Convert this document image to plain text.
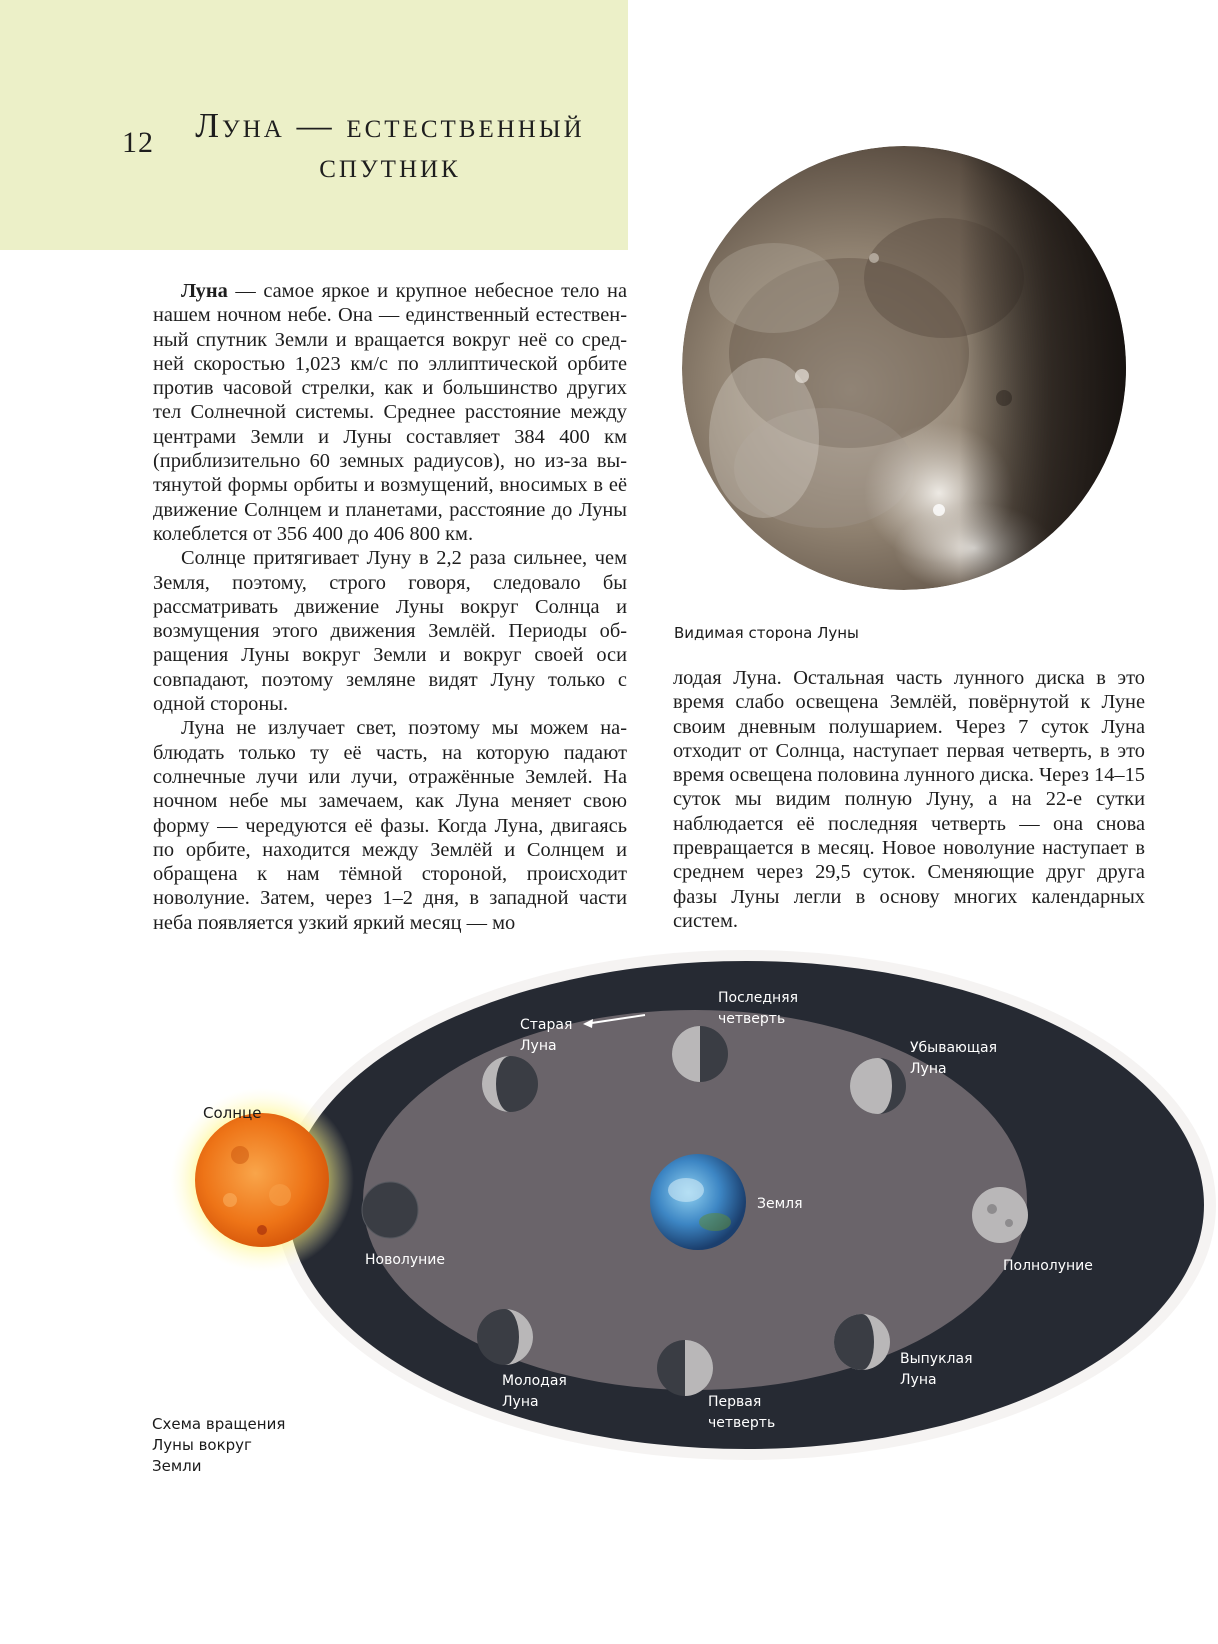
12	Луна — естественный
спутник

Луна — самое яркое и крупное небесное тело на нашем ночном небе. Она — единственный естественный спутник Земли и вращается вокруг неё со средней скоростью 1,023 км/с по эллиптической орбите против часовой стрелки, как и большинство других тел Солнечной системы. Среднее расстояние между центрами Земли и Луны составляет 384 400 км (приблизительно 60 земных радиусов), но из-за вытянутой формы орбиты и возмущений, вносимых в её движение Солнцем и планетами, расстояние до Луны колеблется от 356 400 до 406 800 км.

Солнце притягивает Луну в 2,2 раза сильнее, чем Земля, поэтому, строго говоря, следовало бы рассматривать движение Луны вокруг Солнца и возмущения этого движения Землёй. Периоды обращения Луны вокруг Земли и вокруг своей оси совпадают, поэтому земляне видят Луну только с одной стороны.

Луна не излучает свет, поэтому мы можем наблюдать только ту её часть, на которую падают солнечные лучи или лучи, отражённые Землей. На ночном небе мы замечаем, как Луна меняет свою форму — чередуются её фазы. Когда Луна, двигаясь по орбите, находится между Землёй и Солнцем и обращена к нам тёмной стороной, происходит новолуние. Затем, через 1–2 дня, в западной части неба появляется узкий яркий месяц — мо

Видимая сторона Луны

лодая Луна. Остальная часть лунного диска в это время слабо освещена Землёй, повёрнутой к Луне своим дневным полушарием. Через 7 суток Луна отходит от Солнца, наступает первая четверть, в это время освещена половина лунного диска. Через 14–15 суток мы видим полную Луну, а на 22-е сутки наблюдается её последняя четверть — она снова превращается в месяц. Новое новолуние наступает в среднем через 29,5 суток. Сменяющие друг друга фазы Луны легли в основу многих календарных систем.

Солнце
Земля
Новолуние
Старая
Луна
Последняя
четверть
Убывающая
Луна
Полнолуние
Молодая
Луна	Первая
четверть
Выпуклая
Луна
Схема вращения
Луны вокруг
Земли
